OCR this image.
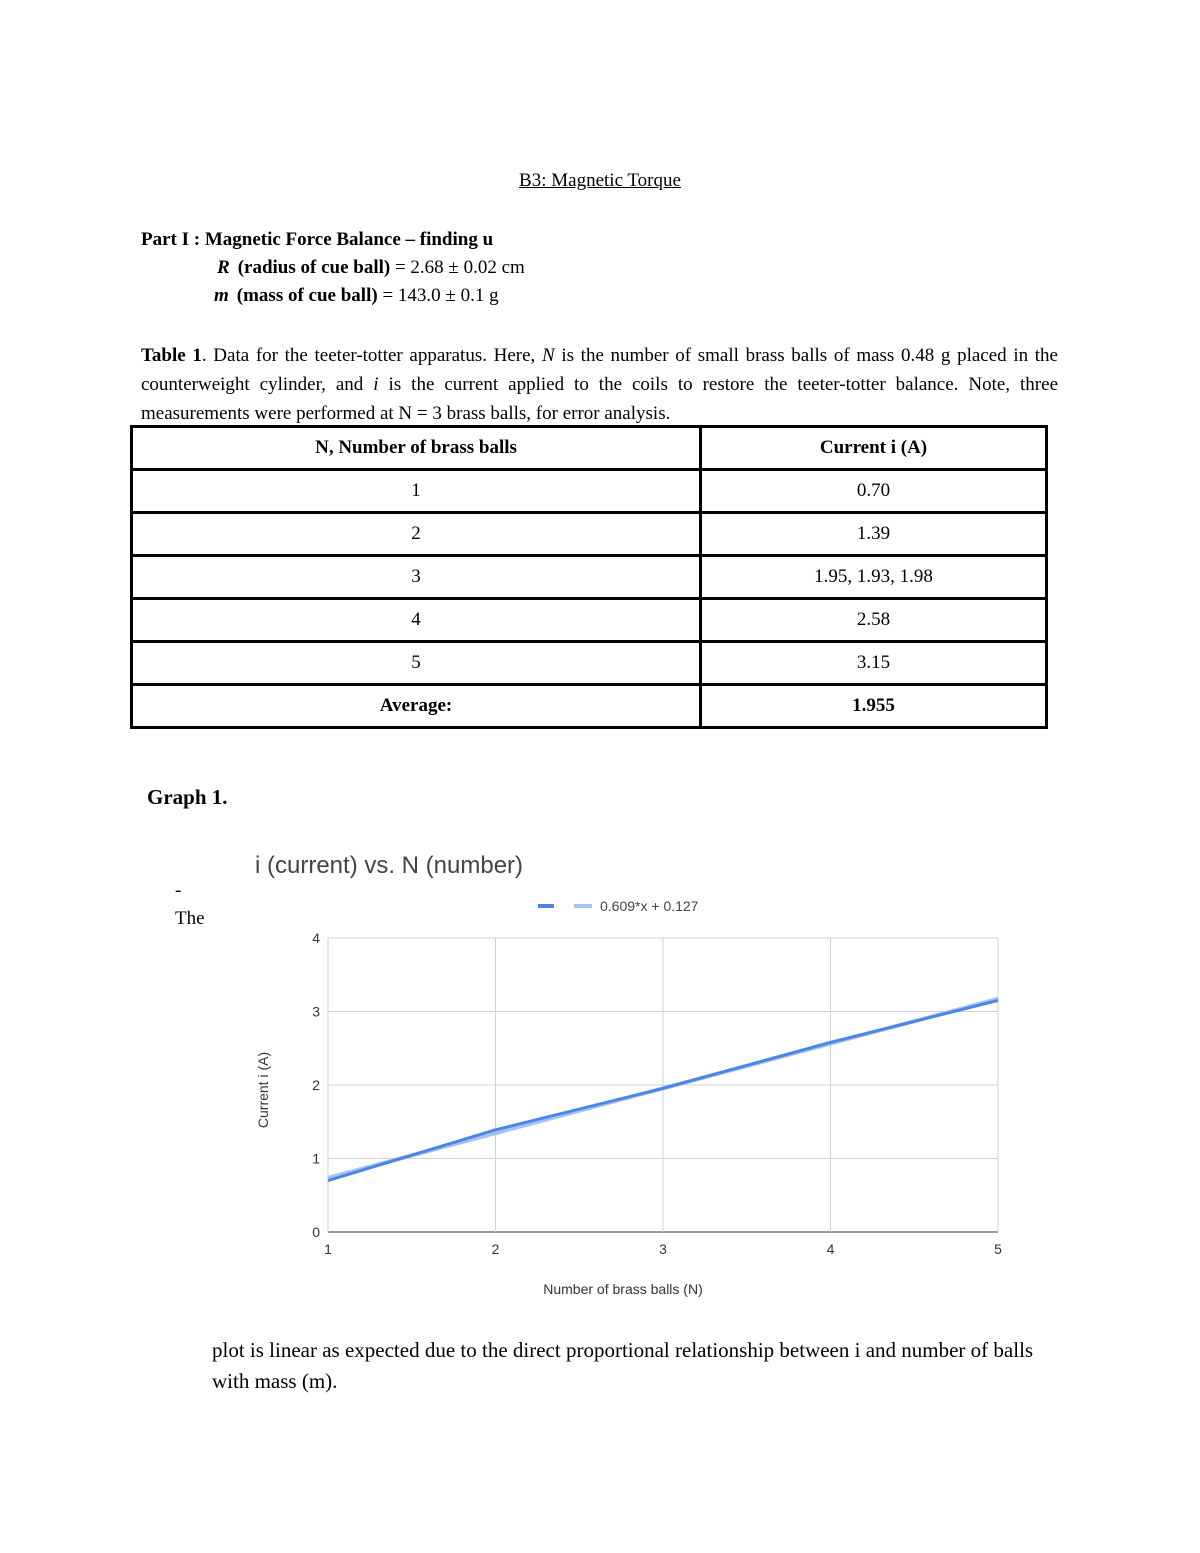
B3: Magnetic Torque
Part I : Magnetic Force Balance – finding u
R (radius of cue ball) = 2.68 ± 0.02 cm
m (mass of cue ball) = 143.0 ± 0.1 g
Table 1. Data for the teeter-totter apparatus. Here, N is the number of small brass balls of mass 0.48 g placed in the counterweight cylinder, and i is the current applied to the coils to restore the teeter-totter balance. Note, three measurements were performed at N = 3 brass balls, for error analysis.
N, Number of brass balls	Current i (A)
1	0.70
2	1.39
3	1.95, 1.93, 1.98
4	2.58
5	3.15
Average:	1.955
Graph 1.
-
The
i (current) vs. N (number)
0
1
2
3
4
1	2	3	4	5
Number of brass balls (N)
Current i (A)
0.609*x + 0.127
plot is linear as expected due to the direct proportional relationship between i and number of balls with mass (m).
